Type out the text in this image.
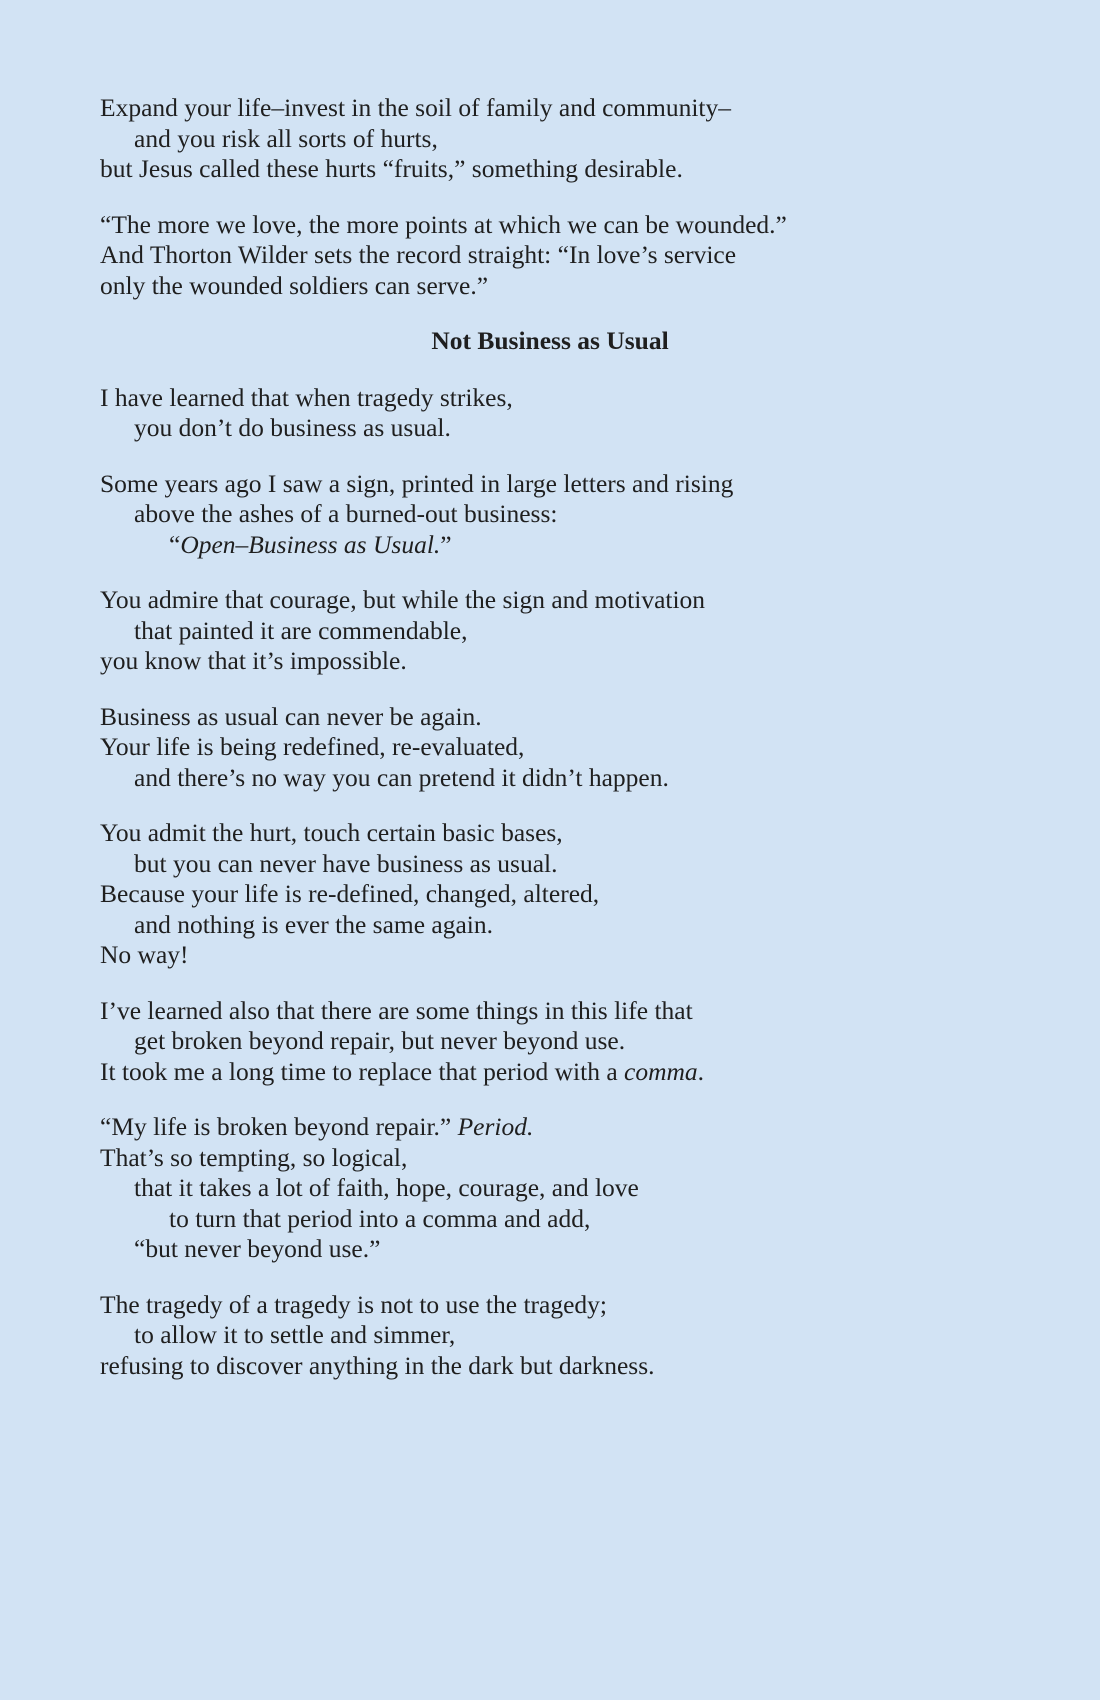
Expand your life–invest in the soil of family and community–
and you risk all sorts of hurts,
but Jesus called these hurts “fruits,” something desirable.
“The more we love, the more points at which we can be wounded.”
And Thorton Wilder sets the record straight: “In love’s service
only the wounded soldiers can serve.”
Not Business as Usual
I have learned that when tragedy strikes,
you don’t do business as usual.
Some years ago I saw a sign, printed in large letters and rising
above the ashes of a burned-out business:
“Open–Business as Usual.”
You admire that courage, but while the sign and motivation
that painted it are commendable,
you know that it’s impossible.
Business as usual can never be again.
Your life is being redefined, re-evaluated,
and there’s no way you can pretend it didn’t happen.
You admit the hurt, touch certain basic bases,
but you can never have business as usual.
Because your life is re-defined, changed, altered,
and nothing is ever the same again.
No way!
I’ve learned also that there are some things in this life that
get broken beyond repair, but never beyond use.
It took me a long time to replace that period with a comma.
“My life is broken beyond repair.” Period.
That’s so tempting, so logical,
that it takes a lot of faith, hope, courage, and love
to turn that period into a comma and add,
“but never beyond use.”
The tragedy of a tragedy is not to use the tragedy;
to allow it to settle and simmer,
refusing to discover anything in the dark but darkness.
